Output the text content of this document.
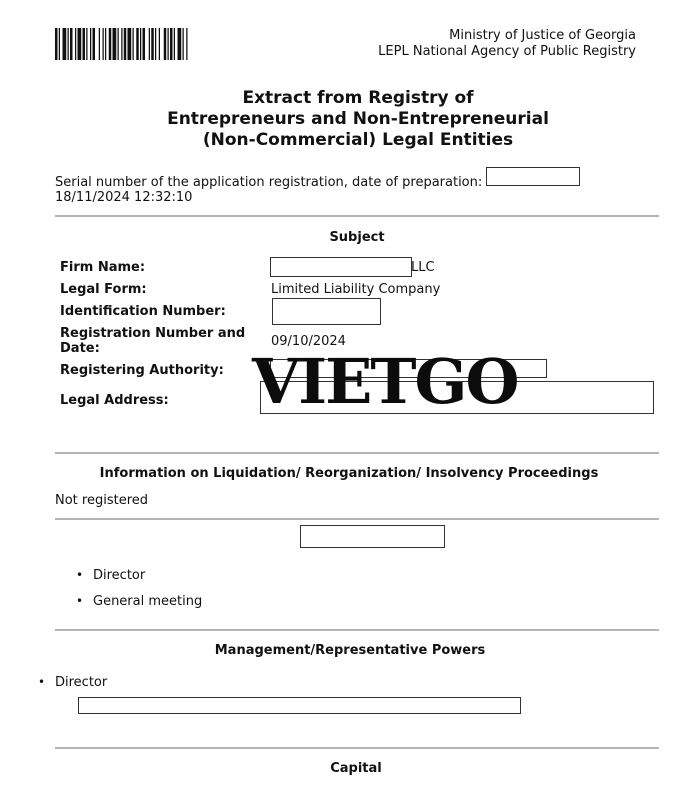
Ministry of Justice of Georgia
LEPL National Agency of Public Registry
Extract from Registry of
Entrepreneurs and Non-Entrepreneurial
(Non-Commercial) Legal Entities
Serial number of the application registration, date of preparation:
18/11/2024 12:32:10
Subject
Firm Name:	LLC
Legal Form:	Limited Liability Company
Identification Number:
Registration Number and
Date:	09/10/2024
Registering Authority:
Legal Address: VIETGO
Information on Liquidation/ Reorganization/ Insolvency Proceedings
Not registered
• Director
• General meeting
Management/Representative Powers
• Director
Capital
